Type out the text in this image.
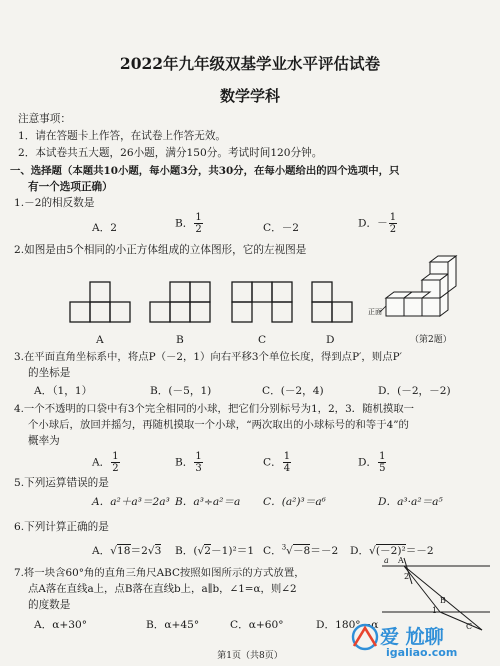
2022年九年级双基学业水平评估试卷
数学学科
注意事项：
1．请在答题卡上作答，在试卷上作答无效。
2．本试卷共五大题，26小题，满分150分。考试时间120分钟。
一、选择题（本题共10小题，每小题3分，共30分，在每小题给出的四个选项中，只
有一个选项正确）
1.－2的相反数是
A．2	B． $\frac{1}{2}$	C．－2	D．－ $\frac{1}{2}$
2.如图是由5个相同的小正方体组成的立体图形，它的左视图是
正面
A	B	C	D	（第2题）
3.在平面直角坐标系中，将点P（－2，1）向右平移3个单位长度，得到点P′，则点P′
的坐标是
A．（1，1）	B．(－5，1)	C．(－2，4)	D．(－2，－2)
4.一个不透明的口袋中有3个完全相同的小球，把它们分别标号为1，2，3．随机摸取一
个小球后，放回并摇匀，再随机摸取一个小球，“两次取出的小球标号的和等于4”的
概率为
A． $\frac{1}{2}$	B． $\frac{1}{3}$	C． $\frac{1}{4}$	D． $\frac{1}{5}$
5.下列运算错误的是
A．a²＋a³＝2a³ B．a³÷a²＝a C．(a²)³＝a⁶	D．a³·a²＝a⁵
6.下列计算正确的是
A．√18＝2√3 B．(√2－1)²＝1 C．$^3$√－8＝－2 D．√(－2)²＝－2
7.将一块含60°角的直角三角尺ABC按照如图所示的方式放置，
点A落在直线a上，点B落在直线b上，a∥b，∠1=α，则∠2
的度数是
A．α+30°	B．α+45°	C．α+60°	D．180°－α
a A
2
1
B
C
第1页（共8页）
爱 尬聊
igaliao.com
